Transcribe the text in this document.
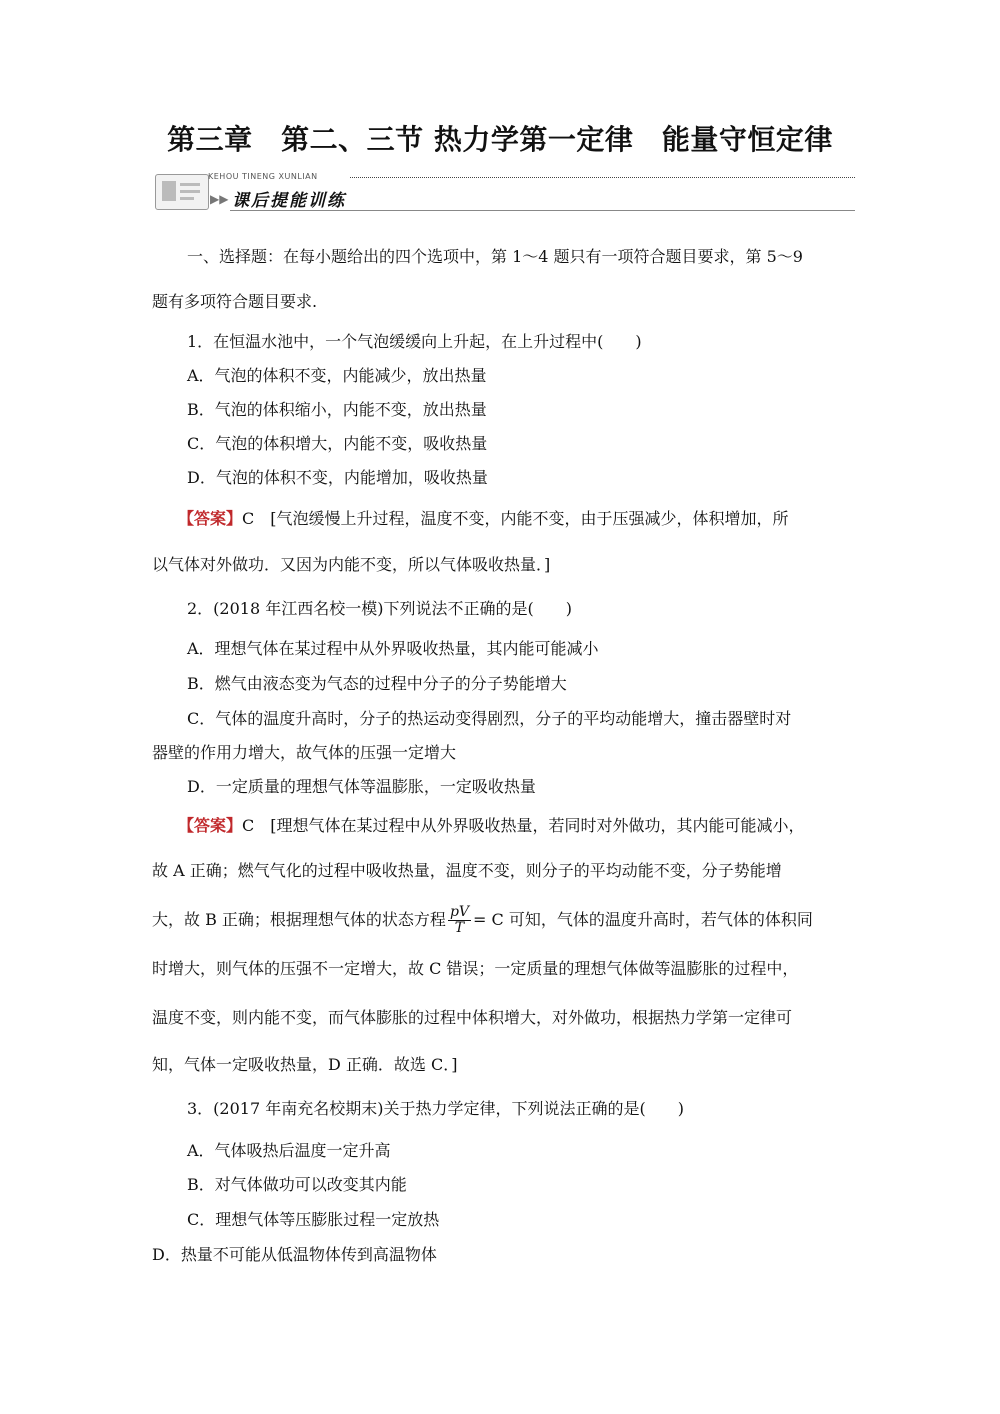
第三章　第二、三节 热力学第一定律　能量守恒定律
KEHOU TINENG XUNLIAN
▶▶ 课后提能训练
一、选择题：在每小题给出的四个选项中，第 1～4 题只有一项符合题目要求，第 5～9
题有多项符合题目要求.
1．在恒温水池中，一个气泡缓缓向上升起，在上升过程中(　　)
A．气泡的体积不变，内能减少，放出热量
B．气泡的体积缩小，内能不变，放出热量
C．气泡的体积增大，内能不变，吸收热量
D．气泡的体积不变，内能增加，吸收热量
【答案】C　[气泡缓慢上升过程，温度不变，内能不变，由于压强减少，体积增加，所
以气体对外做功．又因为内能不变，所以气体吸收热量．]
2．(2018 年江西名校一模)下列说法不正确的是(　　)
A．理想气体在某过程中从外界吸收热量，其内能可能减小
B．燃气由液态变为气态的过程中分子的分子势能增大
C．气体的温度升高时，分子的热运动变得剧烈，分子的平均动能增大，撞击器壁时对
器壁的作用力增大，故气体的压强一定增大
D．一定质量的理想气体等温膨胀，一定吸收热量
【答案】C　[理想气体在某过程中从外界吸收热量，若同时对外做功，其内能可能减小，
故 A 正确；燃气气化的过程中吸收热量，温度不变，则分子的平均动能不变，分子势能增
大，故 B 正确；根据理想气体的状态方程 $\frac{pV}{T} = C$ 可知，气体的温度升高时，若气体的体积同
时增大，则气体的压强不一定增大，故 C 错误；一定质量的理想气体做等温膨胀的过程中，
温度不变，则内能不变，而气体膨胀的过程中体积增大，对外做功，根据热力学第一定律可
知，气体一定吸收热量，D 正确．故选 C．]
3．(2017 年南充名校期末)关于热力学定律，下列说法正确的是(　　)
A．气体吸热后温度一定升高
B．对气体做功可以改变其内能
C．理想气体等压膨胀过程一定放热
D．热量不可能从低温物体传到高温物体
